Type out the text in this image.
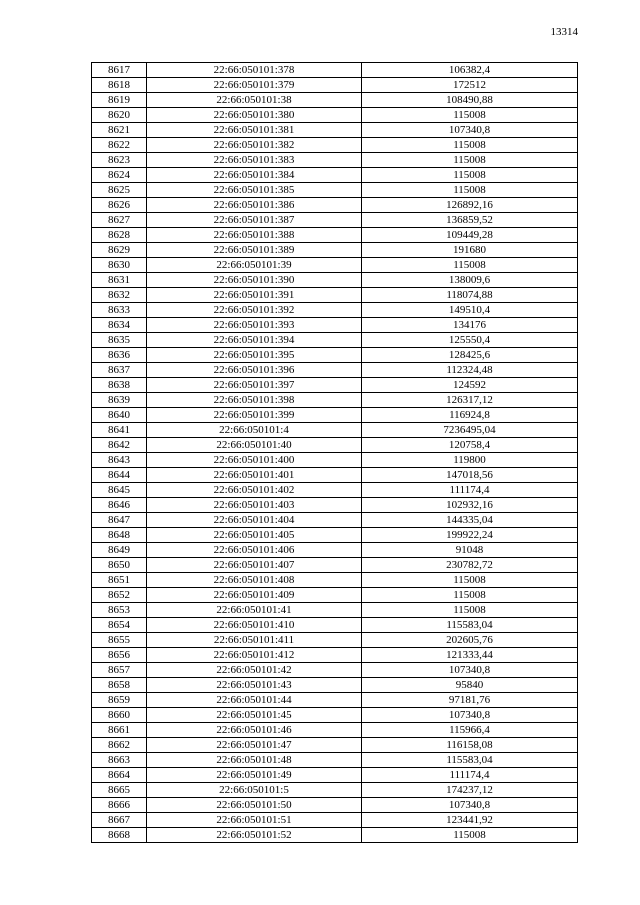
13314
8617	22:66:050101:378	106382,4
8618	22:66:050101:379	172512
8619	22:66:050101:38	108490,88
8620	22:66:050101:380	115008
8621	22:66:050101:381	107340,8
8622	22:66:050101:382	115008
8623	22:66:050101:383	115008
8624	22:66:050101:384	115008
8625	22:66:050101:385	115008
8626	22:66:050101:386	126892,16
8627	22:66:050101:387	136859,52
8628	22:66:050101:388	109449,28
8629	22:66:050101:389	191680
8630	22:66:050101:39	115008
8631	22:66:050101:390	138009,6
8632	22:66:050101:391	118074,88
8633	22:66:050101:392	149510,4
8634	22:66:050101:393	134176
8635	22:66:050101:394	125550,4
8636	22:66:050101:395	128425,6
8637	22:66:050101:396	112324,48
8638	22:66:050101:397	124592
8639	22:66:050101:398	126317,12
8640	22:66:050101:399	116924,8
8641	22:66:050101:4	7236495,04
8642	22:66:050101:40	120758,4
8643	22:66:050101:400	119800
8644	22:66:050101:401	147018,56
8645	22:66:050101:402	111174,4
8646	22:66:050101:403	102932,16
8647	22:66:050101:404	144335,04
8648	22:66:050101:405	199922,24
8649	22:66:050101:406	91048
8650	22:66:050101:407	230782,72
8651	22:66:050101:408	115008
8652	22:66:050101:409	115008
8653	22:66:050101:41	115008
8654	22:66:050101:410	115583,04
8655	22:66:050101:411	202605,76
8656	22:66:050101:412	121333,44
8657	22:66:050101:42	107340,8
8658	22:66:050101:43	95840
8659	22:66:050101:44	97181,76
8660	22:66:050101:45	107340,8
8661	22:66:050101:46	115966,4
8662	22:66:050101:47	116158,08
8663	22:66:050101:48	115583,04
8664	22:66:050101:49	111174,4
8665	22:66:050101:5	174237,12
8666	22:66:050101:50	107340,8
8667	22:66:050101:51	123441,92
8668	22:66:050101:52	115008
